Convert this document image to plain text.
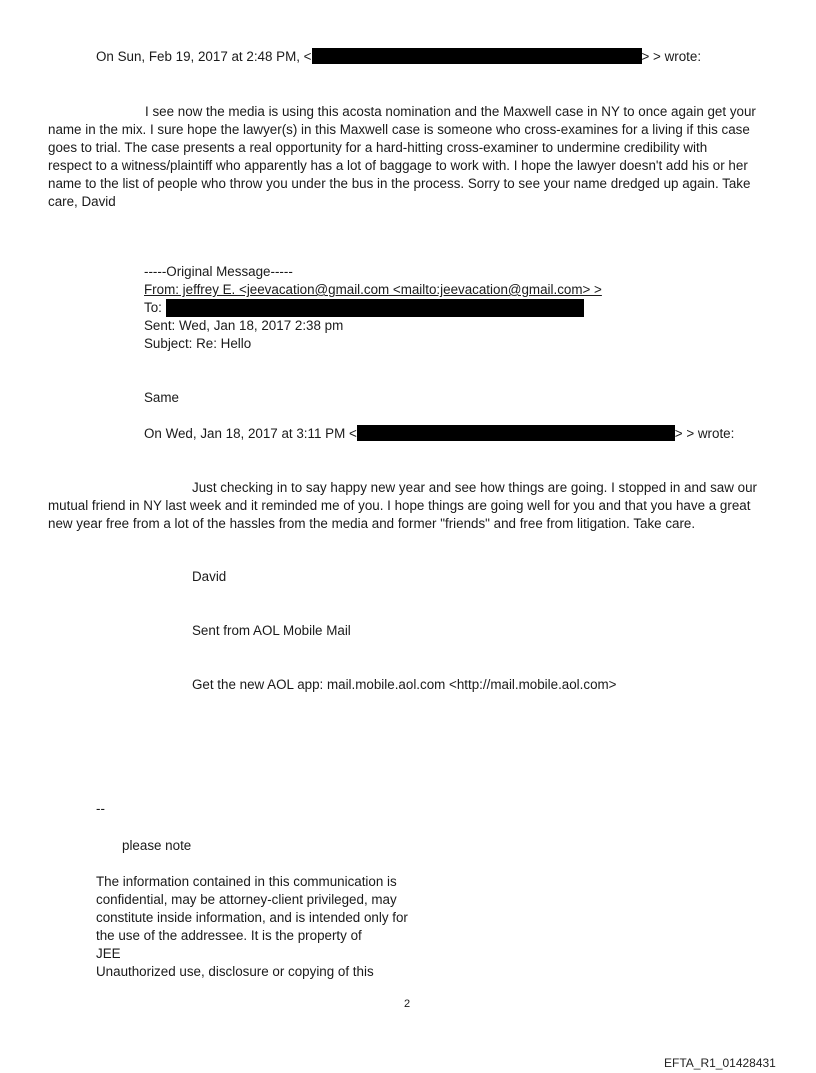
On Sun, Feb 19, 2017 at 2:48 PM, <	> > wrote:
I see now the media is using this acosta nomination and the Maxwell case in NY to once again get your
name in the mix. I sure hope the lawyer(s) in this Maxwell case is someone who cross-examines for a living if this case
goes to trial. The case presents a real opportunity for a hard-hitting cross-examiner to undermine credibility with
respect to a witness/plaintiff who apparently has a lot of baggage to work with. I hope the lawyer doesn't add his or her
name to the list of people who throw you under the bus in the process. Sorry to see your name dredged up again. Take
care, David
-----Original Message-----
From: jeffrey E. <jeevacation@gmail.com <mailto:jeevacation@gmail.com> >
To:
Sent: Wed, Jan 18, 2017 2:38 pm
Subject: Re: Hello
Same
On Wed, Jan 18, 2017 at 3:11 PM <	> > wrote:
Just checking in to say happy new year and see how things are going. I stopped in and saw our
mutual friend in NY last week and it reminded me of you. I hope things are going well for you and that you have a great
new year free from a lot of the hassles from the media and former "friends" and free from litigation. Take care.
David
Sent from AOL Mobile Mail
Get the new AOL app: mail.mobile.aol.com <http://mail.mobile.aol.com>
--
please note
The information contained in this communication is
confidential, may be attorney-client privileged, may
constitute inside information, and is intended only for
the use of the addressee. It is the property of
JEE
Unauthorized use, disclosure or copying of this
2
EFTA_R1_01428431
